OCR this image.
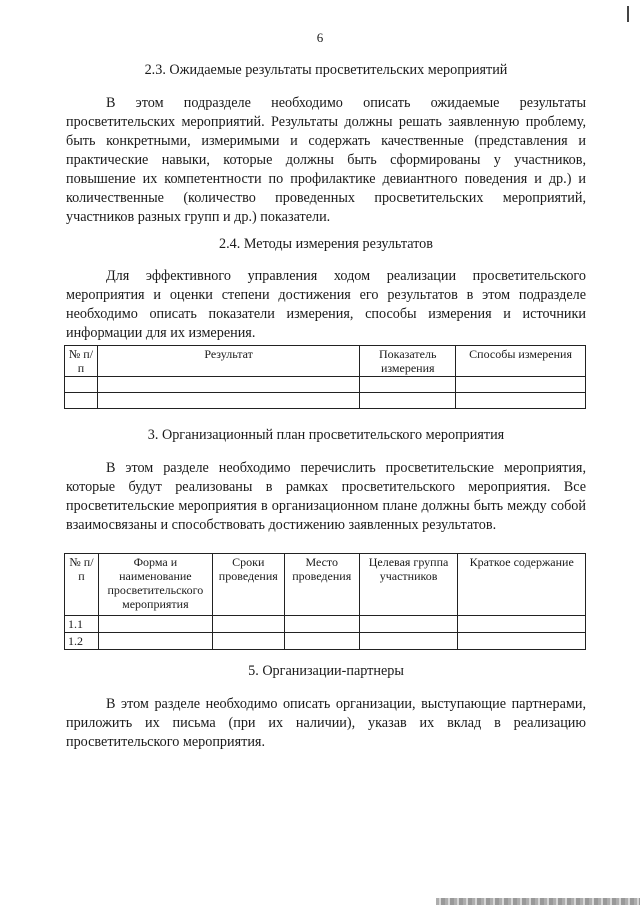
6
2.3. Ожидаемые результаты просветительских мероприятий
В этом подразделе необходимо описать ожидаемые результаты просветительских мероприятий. Результаты должны решать заявленную проблему, быть конкретными, измеримыми и содержать качественные (представления и практические навыки, которые должны быть сформированы у участников, повышение их компетентности по профилактике девиантного поведения и др.) и количественные (количество проведенных просветительских мероприятий, участников разных групп и др.) показатели.
2.4. Методы измерения результатов
Для эффективного управления ходом реализации просветительского мероприятия и оценки степени достижения его результатов в этом подразделе необходимо описать показатели измерения, способы измерения и источники информации для их измерения.
№ п/п	Результат	Показатель измерения	Способы измерения

3. Организационный план просветительского мероприятия
В этом разделе необходимо перечислить просветительские мероприятия, которые будут реализованы в рамках просветительского мероприятия. Все просветительские мероприятия в организационном плане должны быть между собой взаимосвязаны и способствовать достижению заявленных результатов.
№ п/п	Форма и наименование просветительского мероприятия	Сроки проведения	Место проведения	Целевая группа участников	Краткое содержание
1.1					
1.2					
5. Организации-партнеры
В этом разделе необходимо описать организации, выступающие партнерами, приложить их письма (при их наличии), указав их вклад в реализацию просветительского мероприятия.
